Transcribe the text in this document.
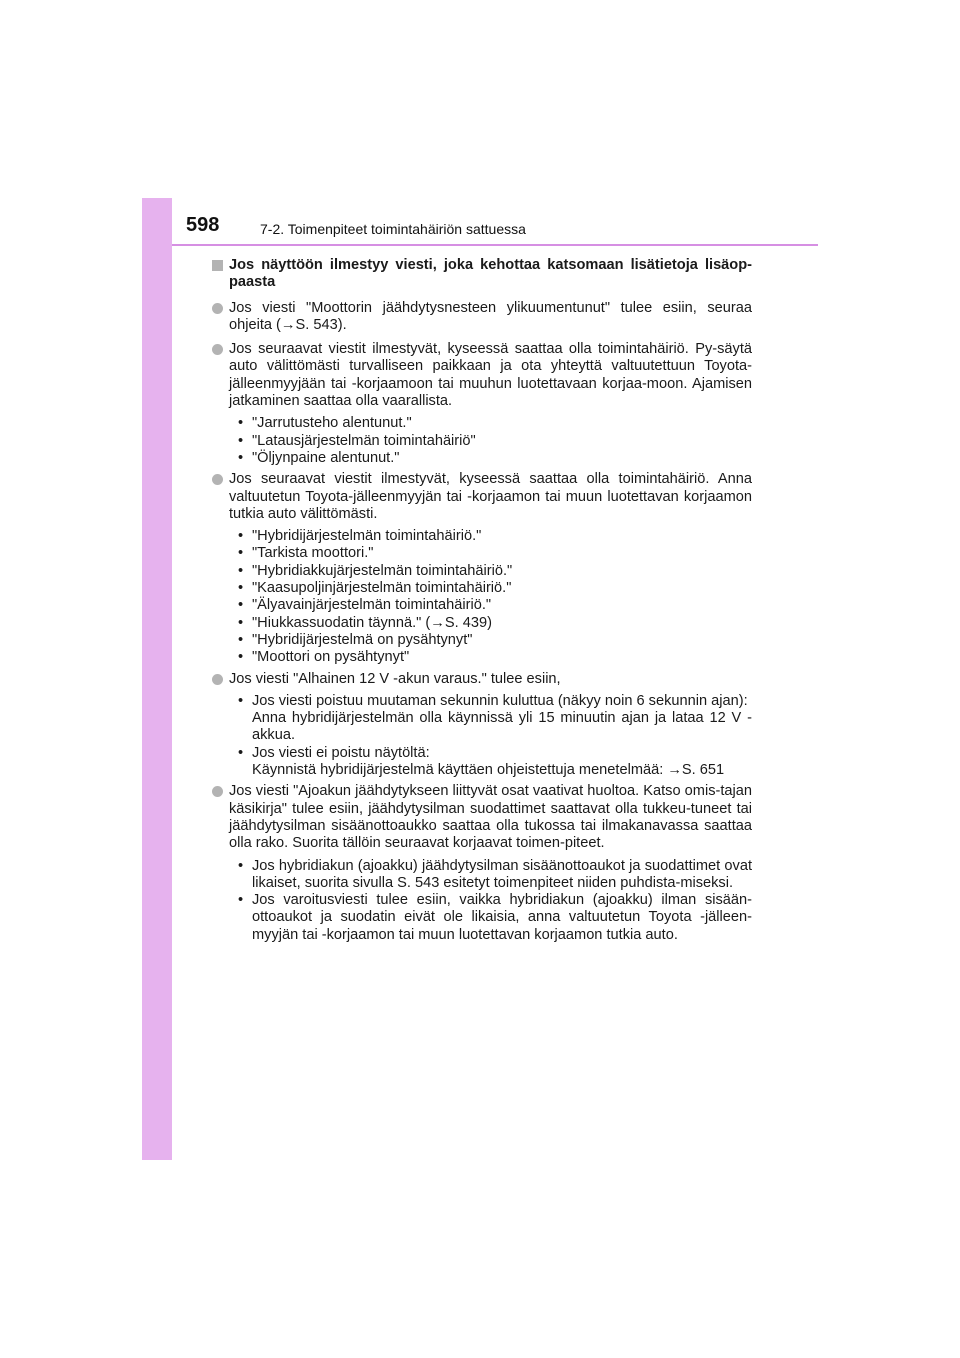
598	7-2. Toimenpiteet toimintahäiriön sattuessa
Jos näyttöön ilmestyy viesti, joka kehottaa katsomaan lisätietoja lisäop-paasta
Jos viesti "Moottorin jäähdytysnesteen ylikuumentunut" tulee esiin, seuraa ohjeita (→S. 543).
Jos seuraavat viestit ilmestyvät, kyseessä saattaa olla toimintahäiriö. Py-säytä auto välittömästi turvalliseen paikkaan ja ota yhteyttä valtuutettuun Toyota-jälleenmyyjään tai -korjaamoon tai muuhun luotettavaan korjaa-moon. Ajamisen jatkaminen saattaa olla vaarallista.
• "Jarrutusteho alentunut."
• "Latausjärjestelmän toimintahäiriö"
• "Öljynpaine alentunut."
Jos seuraavat viestit ilmestyvät, kyseessä saattaa olla toimintahäiriö. Anna valtuutetun Toyota-jälleenmyyjän tai -korjaamon tai muun luotettavan korjaamon tutkia auto välittömästi.
• "Hybridijärjestelmän toimintahäiriö."
• "Tarkista moottori."
• "Hybridiakkujärjestelmän toimintahäiriö."
• "Kaasupoljinjärjestelmän toimintahäiriö."
• "Älyavainjärjestelmän toimintahäiriö."
• "Hiukkassuodatin täynnä." (→S. 439)
• "Hybridijärjestelmä on pysähtynyt"
• "Moottori on pysähtynyt"
Jos viesti "Alhainen 12 V -akun varaus." tulee esiin,
• Jos viesti poistuu muutaman sekunnin kuluttua (näkyy noin 6 sekunnin ajan):
Anna hybridijärjestelmän olla käynnissä yli 15 minuutin ajan ja lataa 12 V -akkua.
• Jos viesti ei poistu näytöltä:
Käynnistä hybridijärjestelmä käyttäen ohjeistettuja menetelmää: →S. 651
Jos viesti "Ajoakun jäähdytykseen liittyvät osat vaativat huoltoa. Katso omis-tajan käsikirja" tulee esiin, jäähdytysilman suodattimet saattavat olla tukkeu-tuneet tai jäähdytysilman sisäänottoaukko saattaa olla tukossa tai ilmakanavassa saattaa olla rako. Suorita tällöin seuraavat korjaavat toimen-piteet.
• Jos hybridiakun (ajoakku) jäähdytysilman sisäänottoaukot ja suodattimet ovat likaiset, suorita sivulla S. 543 esitetyt toimenpiteet niiden puhdista-miseksi.
• Jos varoitusviesti tulee esiin, vaikka hybridiakun (ajoakku) ilman sisään-ottoaukot ja suodatin eivät ole likaisia, anna valtuutetun Toyota -jälleen-myyjän tai -korjaamon tai muun luotettavan korjaamon tutkia auto.
